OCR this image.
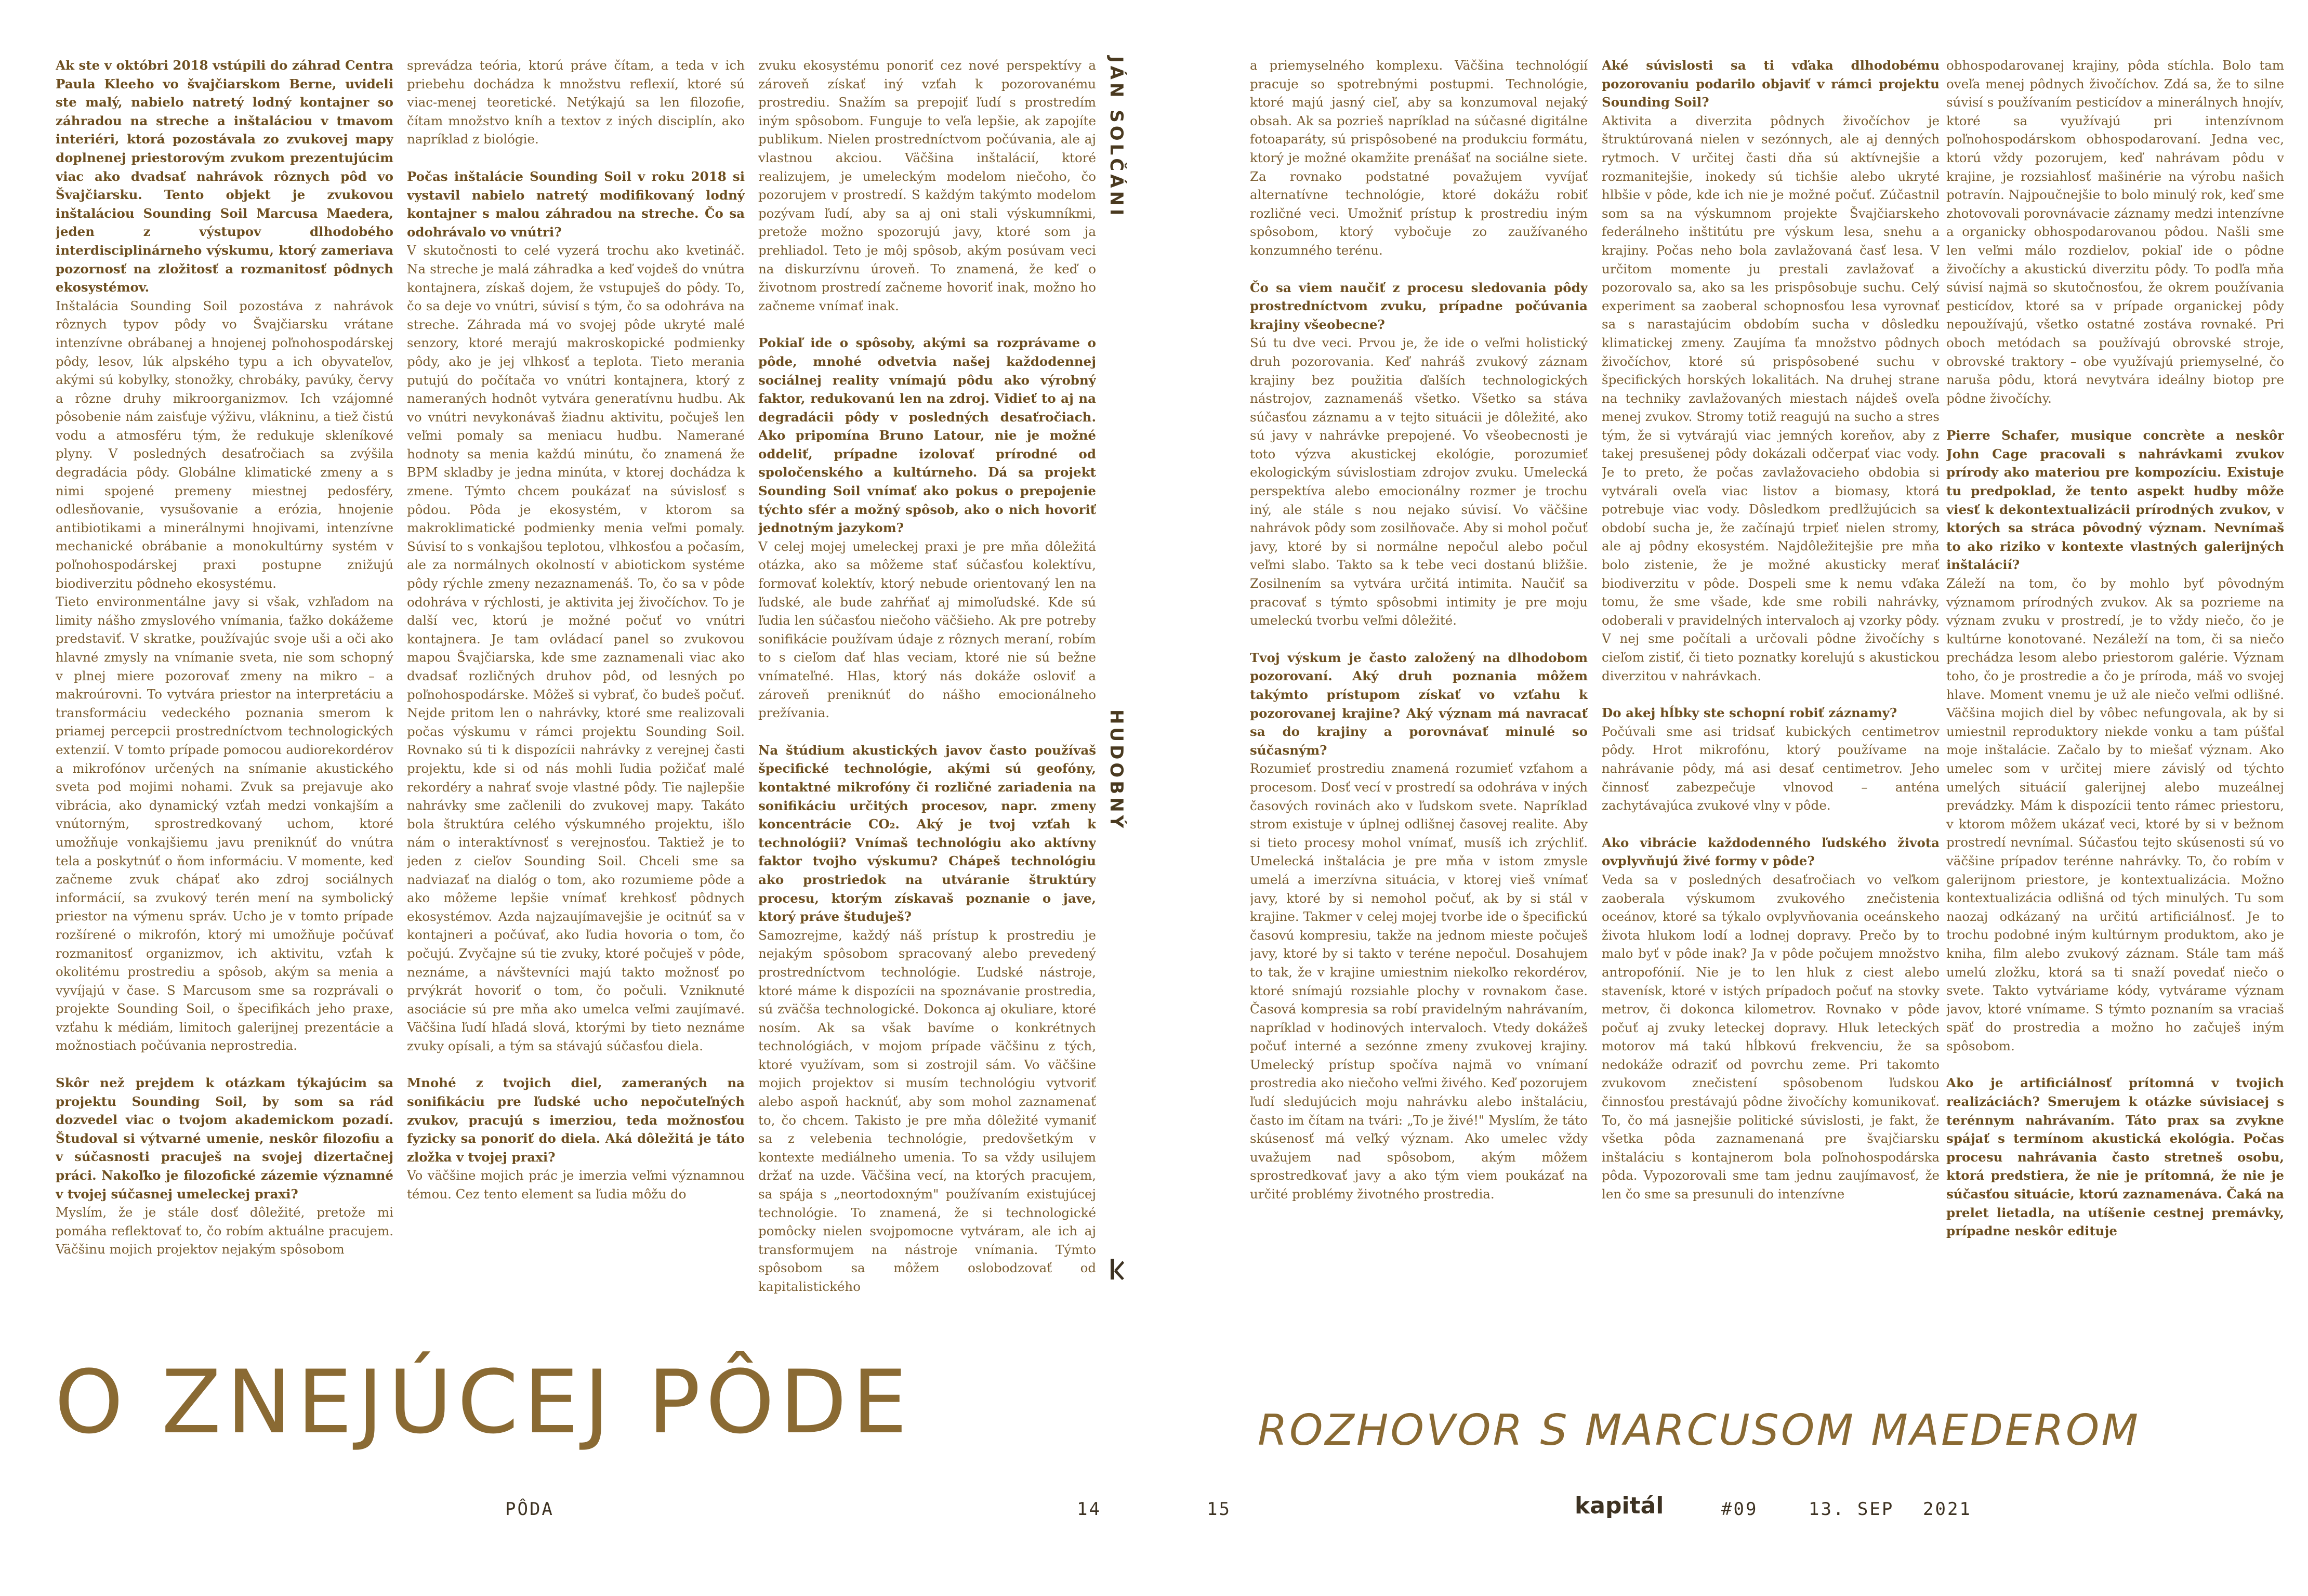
Ak ste v októbri 2018 vstúpili do záhrad Centra Paula Kleeho vo švajčiarskom Berne, uvideli ste malý, nabielo natretý lodný kontajner so záhradou na streche a inštaláciou v tmavom interiéri, ktorá pozostávala zo zvukovej mapy doplnenej priestorovým zvukom prezentujúcim viac ako dvadsať nahrávok rôznych pôd vo Švajčiarsku. Tento objekt je zvukovou inštaláciou Sounding Soil Marcusa Maedera, jeden z výstupov dlhodobého interdisciplinárneho výskumu, ktorý zameriava pozornosť na zložitosť a rozmanitosť pôdnych ekosystémov.

Inštalácia Sounding Soil pozostáva z nahrávok rôznych typov pôdy vo Švajčiarsku vrátane intenzívne obrábanej a hnojenej poľnohospodárskej pôdy, lesov, lúk alpského typu a ich obyvateľov, akými sú kobylky, stonožky, chrobáky, pavúky, červy a rôzne druhy mikroorganizmov. Ich vzájomné pôsobenie nám zaisťuje výživu, vlákninu, a tiež čistú vodu a atmosféru tým, že redukuje skleníkové plyny. V posledných desaťročiach sa zvýšila degradácia pôdy. Globálne klimatické zmeny a s nimi spojené premeny miestnej pedosféry, odlesňovanie, vysušovanie a erózia, hnojenie antibiotikami a minerálnymi hnojivami, intenzívne mechanické obrábanie a monokultúrny systém v poľnohospodárskej praxi postupne znižujú biodiverzitu pôdneho ekosystému.

Tieto environmentálne javy si však, vzhľadom na limity nášho zmyslového vnímania, ťažko dokážeme predstaviť. V skratke, používajúc svoje uši a oči ako hlavné zmysly na vnímanie sveta, nie som schopný v plnej miere pozorovať zmeny na mikro – a makroúrovni. To vytvára priestor na interpretáciu a transformáciu vedeckého poznania smerom k priamej percepcii prostredníctvom technologických extenzií. V tomto prípade pomocou audiorekordérov a mikrofónov určených na snímanie akustického sveta pod mojimi nohami. Zvuk sa prejavuje ako vibrácia, ako dynamický vzťah medzi vonkajším a vnútorným, sprostredkovaný uchom, ktoré umožňuje vonkajšiemu javu preniknúť do vnútra tela a poskytnúť o ňom informáciu. V momente, keď začneme zvuk chápať ako zdroj sociálnych informácií, sa zvukový terén mení na symbolický priestor na výmenu správ. Ucho je v tomto prípade rozšírené o mikrofón, ktorý mi umožňuje počúvať rozmanitosť organizmov, ich aktivitu, vzťah k okolitému prostrediu a spôsob, akým sa menia a vyvíjajú v čase. S Marcusom sme sa rozprávali o projekte Sounding Soil, o špecifikách jeho praxe, vzťahu k médiám, limitoch galerijnej prezentácie a možnostiach počúvania neprostredia.

Skôr než prejdem k otázkam týkajúcim sa projektu Sounding Soil, by som sa rád dozvedel viac o tvojom akademickom pozadí. Študoval si výtvarné umenie, neskôr filozofiu a v súčasnosti pracuješ na svojej dizertačnej práci. Nakoľko je filozofické zázemie významné v tvojej súčasnej umeleckej praxi?

Myslím, že je stále dosť dôležité, pretože mi pomáha reflektovať to, čo robím aktuálne pracujem. Väčšinu mojich projektov nejakým spôsobom

sprevádza teória, ktorú práve čítam, a teda v ich priebehu dochádza k množstvu reflexií, ktoré sú viac-menej teoretické. Netýkajú sa len filozofie, čítam množstvo kníh a textov z iných disciplín, ako napríklad z biológie.

Počas inštalácie Sounding Soil v roku 2018 si vystavil nabielo natretý modifikovaný lodný kontajner s malou záhradou na streche. Čo sa odohrávalo vo vnútri?

V skutočnosti to celé vyzerá trochu ako kvetináč. Na streche je malá záhradka a keď vojdeš do vnútra kontajnera, získaš dojem, že vstupuješ do pôdy. To, čo sa deje vo vnútri, súvisí s tým, čo sa odohráva na streche. Záhrada má vo svojej pôde ukryté malé senzory, ktoré merajú makroskopické podmienky pôdy, ako je jej vlhkosť a teplota. Tieto merania putujú do počítača vo vnútri kontajnera, ktorý z nameraných hodnôt vytvára generatívnu hudbu. Ak vo vnútri nevykonávaš žiadnu aktivitu, počuješ len veľmi pomaly sa meniacu hudbu. Namerané hodnoty sa menia každú minútu, čo znamená že BPM skladby je jedna minúta, v ktorej dochádza k zmene. Týmto chcem poukázať na súvislosť s pôdou. Pôda je ekosystém, v ktorom sa makroklimatické podmienky menia veľmi pomaly. Súvisí to s vonkajšou teplotou, vlhkosťou a počasím, ale za normálnych okolností v abiotickom systéme pôdy rýchle zmeny nezaznamenáš. To, čo sa v pôde odohráva v rýchlosti, je aktivita jej živočíchov. To je další vec, ktorú je možné počuť vo vnútri kontajnera. Je tam ovládací panel so zvukovou mapou Švajčiarska, kde sme zaznamenali viac ako dvadsať rozličných druhov pôd, od lesných po poľnohospodárske. Môžeš si vybrať, čo budeš počuť. Nejde pritom len o nahrávky, ktoré sme realizovali počas výskumu v rámci projektu Sounding Soil. Rovnako sú ti k dispozícii nahrávky z verejnej časti projektu, kde si od nás mohli ľudia požičať malé rekordéry a nahrať svoje vlastné pôdy. Tie najlepšie nahrávky sme začlenili do zvukovej mapy. Takáto bola štruktúra celého výskumného projektu, išlo nám o interaktívnosť s verejnosťou. Taktiež je to jeden z cieľov Sounding Soil. Chceli sme sa nadviazať na dialóg o tom, ako rozumieme pôde a ako môžeme lepšie vnímať krehkosť pôdnych ekosystémov. Azda najzaujímavejšie je ocitnúť sa v kontajneri a počúvať, ako ľudia hovoria o tom, čo počujú. Zvyčajne sú tie zvuky, ktoré počuješ v pôde, neznáme, a návštevníci majú takto možnosť po prvýkrát hovoriť o tom, čo počuli. Vzniknuté asociácie sú pre mňa ako umelca veľmi zaujímavé. Väčšina ľudí hľadá slová, ktorými by tieto neznáme zvuky opísali, a tým sa stávajú súčasťou diela.

Mnohé z tvojich diel, zameraných na sonifikáciu pre ľudské ucho nepočuteľných zvukov, pracujú s imerziou, teda možnosťou fyzicky sa ponoriť do diela. Aká dôležitá je táto zložka v tvojej praxi?

Vo väčšine mojich prác je imerzia veľmi významnou témou. Cez tento element sa ľudia môžu do

zvuku ekosystému ponoriť cez nové perspektívy a zároveň získať iný vzťah k pozorovanému prostrediu. Snažím sa prepojiť ľudí s prostredím iným spôsobom. Funguje to veľa lepšie, ak zapojíte publikum. Nielen prostredníctvom počúvania, ale aj vlastnou akciou. Väčšina inštalácií, ktoré realizujem, je umeleckým modelom niečoho, čo pozorujem v prostredí. S každým takýmto modelom pozývam ľudí, aby sa aj oni stali výskumníkmi, pretože možno spozorujú javy, ktoré som ja prehliadol. Teto je môj spôsob, akým posúvam veci na diskurzívnu úroveň. To znamená, že keď o životnom prostredí začneme hovoriť inak, možno ho začneme vnímať inak.

Pokiaľ ide o spôsoby, akými sa rozprávame o pôde, mnohé odvetvia našej každodennej sociálnej reality vnímajú pôdu ako výrobný faktor, redukovanú len na zdroj. Vidieť to aj na degradácii pôdy v posledných desaťročiach. Ako pripomína Bruno Latour, nie je možné oddeliť, prípadne izolovať prírodné od spoločenského a kultúrneho. Dá sa projekt Sounding Soil vnímať ako pokus o prepojenie týchto sfér a možný spôsob, ako o nich hovoriť jednotným jazykom?

V celej mojej umeleckej praxi je pre mňa dôležitá otázka, ako sa môžeme stať súčasťou kolektívu, formovať kolektív, ktorý nebude orientovaný len na ľudské, ale bude zahŕňať aj mimoľudské. Kde sú ľudia len súčasťou niečoho väčšieho. Ak pre potreby sonifikácie používam údaje z rôznych meraní, robím to s cieľom dať hlas veciam, ktoré nie sú bežne vnímateľné. Hlas, ktorý nás dokáže osloviť a zároveň preniknúť do nášho emocionálneho prežívania.

Na štúdium akustických javov často používaš špecifické technológie, akými sú geofóny, kontaktné mikrofóny či rozličné zariadenia na sonifikáciu určitých procesov, napr. zmeny koncentrácie CO₂. Aký je tvoj vzťah k technológii? Vnímaš technológiu ako aktívny faktor tvojho výskumu? Chápeš technológiu ako prostriedok na utváranie štruktúry procesu, ktorým získavaš poznanie o jave, ktorý práve študuješ?

Samozrejme, každý náš prístup k prostrediu je nejakým spôsobom spracovaný alebo prevedený prostredníctvom technológie. Ľudské nástroje, ktoré máme k dispozícii na spoznávanie prostredia, sú zväčša technologické. Dokonca aj okuliare, ktoré nosím. Ak sa však bavíme o konkrétnych technológiách, v mojom prípade väčšinu z tých, ktoré využívam, som si zostrojil sám. Vo väčšine mojich projektov si musím technológiu vytvoriť alebo aspoň hacknúť, aby som mohol zaznamenať to, čo chcem. Takisto je pre mňa dôležité vymaniť sa z velebenia technológie, predovšetkým v kontexte mediálneho umenia. To sa vždy usilujem držať na uzde. Väčšina vecí, na ktorých pracujem, sa spája s „neortodoxným" používaním existujúcej technológie. To znamená, že si technologické pomôcky nielen svojpomocne vytváram, ale ich aj transformujem na nástroje vnímania. Týmto spôsobom sa môžem oslobodzovať od kapitalistického

JÁN SOLČÁNI
HUDOBNÝ

a priemyselného komplexu. Väčšina technológií pracuje so spotrebnými postupmi. Technológie, ktoré majú jasný cieľ, aby sa konzumoval nejaký obsah. Ak sa pozrieš napríklad na súčasné digitálne fotoaparáty, sú prispôsobené na produkciu formátu, ktorý je možné okamžite prenášať na sociálne siete. Za rovnako podstatné považujem vyvíjať alternatívne technológie, ktoré dokážu robiť rozličné veci. Umožniť prístup k prostrediu iným spôsobom, ktorý vybočuje zo zaužívaného konzumného terénu.

Čo sa viem naučiť z procesu sledovania pôdy prostredníctvom zvuku, prípadne počúvania krajiny všeobecne?

Sú tu dve veci. Prvou je, že ide o veľmi holistický druh pozorovania. Keď nahráš zvukový záznam krajiny bez použitia ďalších technologických nástrojov, zaznamenáš všetko. Všetko sa stáva súčasťou záznamu a v tejto situácii je dôležité, ako sú javy v nahrávke prepojené. Vo všeobecnosti je toto výzva akustickej ekológie, porozumieť ekologickým súvislostiam zdrojov zvuku. Umelecká perspektíva alebo emocionálny rozmer je trochu iný, ale stále s nou nejako súvisí. Vo väčšine nahrávok pôdy som zosilňovače. Aby si mohol počuť javy, ktoré by si normálne nepočul alebo počul veľmi slabo. Takto sa k tebe veci dostanú bližšie. Zosilnením sa vytvára určitá intimita. Naučiť sa pracovať s týmto spôsobmi intimity je pre moju umeleckú tvorbu veľmi dôležité.

Tvoj výskum je často založený na dlhodobom pozorovaní. Aký druh poznania môžem takýmto prístupom získať vo vzťahu k pozorovanej krajine? Aký význam má navracať sa do krajiny a porovnávať minulé so súčasným?

Rozumieť prostrediu znamená rozumieť vzťahom a procesom. Dosť vecí v prostredí sa odohráva v iných časových rovinách ako v ľudskom svete. Napríklad strom existuje v úplnej odlišnej časovej realite. Aby si tieto procesy mohol vnímať, musíš ich zrýchliť. Umelecká inštalácia je pre mňa v istom zmysle umelá a imerzívna situácia, v ktorej vieš vnímať javy, ktoré by si nemohol počuť, ak by si stál v krajine. Takmer v celej mojej tvorbe ide o špecifickú časovú kompresiu, takže na jednom mieste počuješ javy, ktoré by si takto v teréne nepočul. Dosahujem to tak, že v krajine umiestnim niekoľko rekordérov, ktoré snímajú rozsiahle plochy v rovnakom čase. Časová kompresia sa robí pravidelným nahrávaním, napríklad v hodinových intervaloch. Vtedy dokážeš počuť interné a sezónne zmeny zvukovej krajiny. Umelecký prístup spočíva najmä vo vnímaní prostredia ako niečoho veľmi živého. Keď pozorujem ľudí sledujúcich moju nahrávku alebo inštaláciu, často im čítam na tvári: „To je živé!" Myslím, že táto skúsenosť má veľký význam. Ako umelec vždy uvažujem nad spôsobom, akým môžem sprostredkovať javy a ako tým viem poukázať na určité problémy životného prostredia.

Aké súvislosti sa ti vďaka dlhodobému pozorovaniu podarilo objaviť v rámci projektu Sounding Soil?

Aktivita a diverzita pôdnych živočíchov je štruktúrovaná nielen v sezónnych, ale aj denných rytmoch. V určitej časti dňa sú aktívnejšie a rozmanitejšie, inokedy sú tichšie alebo ukryté hlbšie v pôde, kde ich nie je možné počuť. Zúčastnil som sa na výskumnom projekte Švajčiarskeho federálneho inštitútu pre výskum lesa, snehu a krajiny. Počas neho bola zavlažovaná časť lesa. V určitom momente ju prestali zavlažovať a pozorovalo sa, ako sa les prispôsobuje suchu. Celý experiment sa zaoberal schopnosťou lesa vyrovnať sa s narastajúcim obdobím sucha v dôsledku klimatickej zmeny. Zaujíma ťa množstvo pôdnych živočíchov, ktoré sú prispôsobené suchu v špecifických horských lokalitách. Na druhej strane na techniky zavlažovaných miestach nájdeš oveľa menej zvukov. Stromy totiž reagujú na sucho a stres tým, že si vytvárajú viac jemných koreňov, aby z takej presušenej pôdy dokázali odčerpať viac vody. Je to preto, že počas zavlažovacieho obdobia si vytvárali oveľa viac listov a biomasy, ktorá potrebuje viac vody. Dôsledkom predlžujúcich sa období sucha je, že začínajú trpieť nielen stromy, ale aj pôdny ekosystém. Najdôležitejšie pre mňa bolo zistenie, že je možné akusticky merať biodiverzitu v pôde. Dospeli sme k nemu vďaka tomu, že sme všade, kde sme robili nahrávky, odoberali v pravidelných intervaloch aj vzorky pôdy. V nej sme počítali a určovali pôdne živočíchy s cieľom zistiť, či tieto poznatky korelujú s akustickou diverzitou v nahrávkach.

Do akej hĺbky ste schopní robiť záznamy?

Počúvali sme asi tridsať kubických centimetrov pôdy. Hrot mikrofónu, ktorý používame na nahrávanie pôdy, má asi desať centimetrov. Jeho činnosť zabezpečuje vlnovod – anténa zachytávajúca zvukové vlny v pôde.

Ako vibrácie každodenného ľudského života ovplyvňujú živé formy v pôde?

Veda sa v posledných desaťročiach vo veľkom zaoberala výskumom zvukového znečistenia oceánov, ktoré sa týkalo ovplyvňovania oceánskeho života hlukom lodí a lodnej dopravy. Prečo by to malo byť v pôde inak? Ja v pôde počujem množstvo antropofónií. Nie je to len hluk z ciest alebo stavenísk, ktoré v istých prípadoch počuť na stovky metrov, či dokonca kilometrov. Rovnako v pôde počuť aj zvuky leteckej dopravy. Hluk leteckých motorov má takú hĺbkovú frekvenciu, že sa nedokáže odraziť od povrchu zeme. Pri takomto zvukovom znečistení spôsobenom ľudskou činnosťou prestávajú pôdne živočíchy komunikovať. To, čo má jasnejšie politické súvislosti, je fakt, že všetka pôda zaznamenaná pre švajčiarsku inštaláciu s kontajnerom bola poľnohospodárska pôda. Vypozorovali sme tam jednu zaujímavosť, že len čo sme sa presunuli do intenzívne

obhospodarovanej krajiny, pôda stíchla. Bolo tam oveľa menej pôdnych živočíchov. Zdá sa, že to silne súvisí s používaním pesticídov a minerálnych hnojív, ktoré sa využívajú pri intenzívnom poľnohospodárskom obhospodarovaní. Jedna vec, ktorú vždy pozorujem, keď nahrávam pôdu v krajine, je rozsiahlosť mašinérie na výrobu našich potravín. Najpoučnejšie to bolo minulý rok, keď sme zhotovovali porovnávacie záznamy medzi intenzívne a organicky obhospodarovanou pôdou. Našli sme len veľmi málo rozdielov, pokiaľ ide o pôdne živočíchy a akustickú diverzitu pôdy. To podľa mňa súvisí najmä so skutočnosťou, že okrem používania pesticídov, ktoré sa v prípade organickej pôdy nepoužívajú, všetko ostatné zostáva rovnaké. Pri oboch metódach sa používajú obrovské stroje, obrovské traktory – obe využívajú priemyselné, čo naruša pôdu, ktorá nevytvára ideálny biotop pre pôdne živočíchy.

Pierre Schafer, musique concrète a neskôr John Cage pracovali s nahrávkami zvukov prírody ako materiou pre kompozíciu. Existuje tu predpoklad, že tento aspekt hudby môže viesť k dekontextualizácii prírodných zvukov, v ktorých sa stráca pôvodný význam. Nevnímaš to ako riziko v kontexte vlastných galerijných inštalácií?

Záleží na tom, čo by mohlo byť pôvodným významom prírodných zvukov. Ak sa pozrieme na význam zvuku v prostredí, je to vždy niečo, čo je kultúrne konotované. Nezáleží na tom, či sa niečo prechádza lesom alebo priestorom galérie. Význam toho, čo je prostredie a čo je príroda, máš vo svojej hlave. Moment vnemu je už ale niečo veľmi odlišné. Väčšina mojich diel by vôbec nefungovala, ak by si umiestnil reproduktory niekde vonku a tam púšťal moje inštalácie. Začalo by to miešať význam. Ako umelec som v určitej miere závislý od týchto umelých situácií galerijnej alebo muzeálnej prevádzky. Mám k dispozícii tento rámec priestoru, v ktorom môžem ukázať veci, ktoré by si v bežnom prostredí nevnímal. Súčasťou tejto skúsenosti sú vo väčšine prípadov terénne nahrávky. To, čo robím v galerijnom priestore, je kontextualizácia. Možno kontextualizácia odlišná od tých minulých. Tu som naozaj odkázaný na určitú artificiálnosť. Je to trochu podobné iným kultúrnym produktom, ako je kniha, film alebo zvukový záznam. Stále tam máš umelú zložku, ktorá sa ti snaží povedať niečo o svete. Takto vytváriame kódy, vytvárame význam javov, ktoré vnímame. S týmto poznaním sa vraciaš späť do prostredia a možno ho začuješ iným spôsobom.

Ako je artificiálnosť prítomná v tvojich realizáciách? Smerujem k otázke súvisiacej s terénnym nahrávaním. Táto prax sa zvykne spájať s termínom akustická ekológia. Počas procesu nahrávania často stretneš osobu, ktorá predstiera, že nie je prítomná, že nie je súčasťou situácie, ktorú zaznamenáva. Čaká na prelet lietadla, na utíšenie cestnej premávky, prípadne neskôr edituje

O ZNEJÚCEJ PÔDE	ROZHOVOR S MARCUSOM MAEDEROM
PÔDA	14	15	kapitál	#09	13. SEP 2021
